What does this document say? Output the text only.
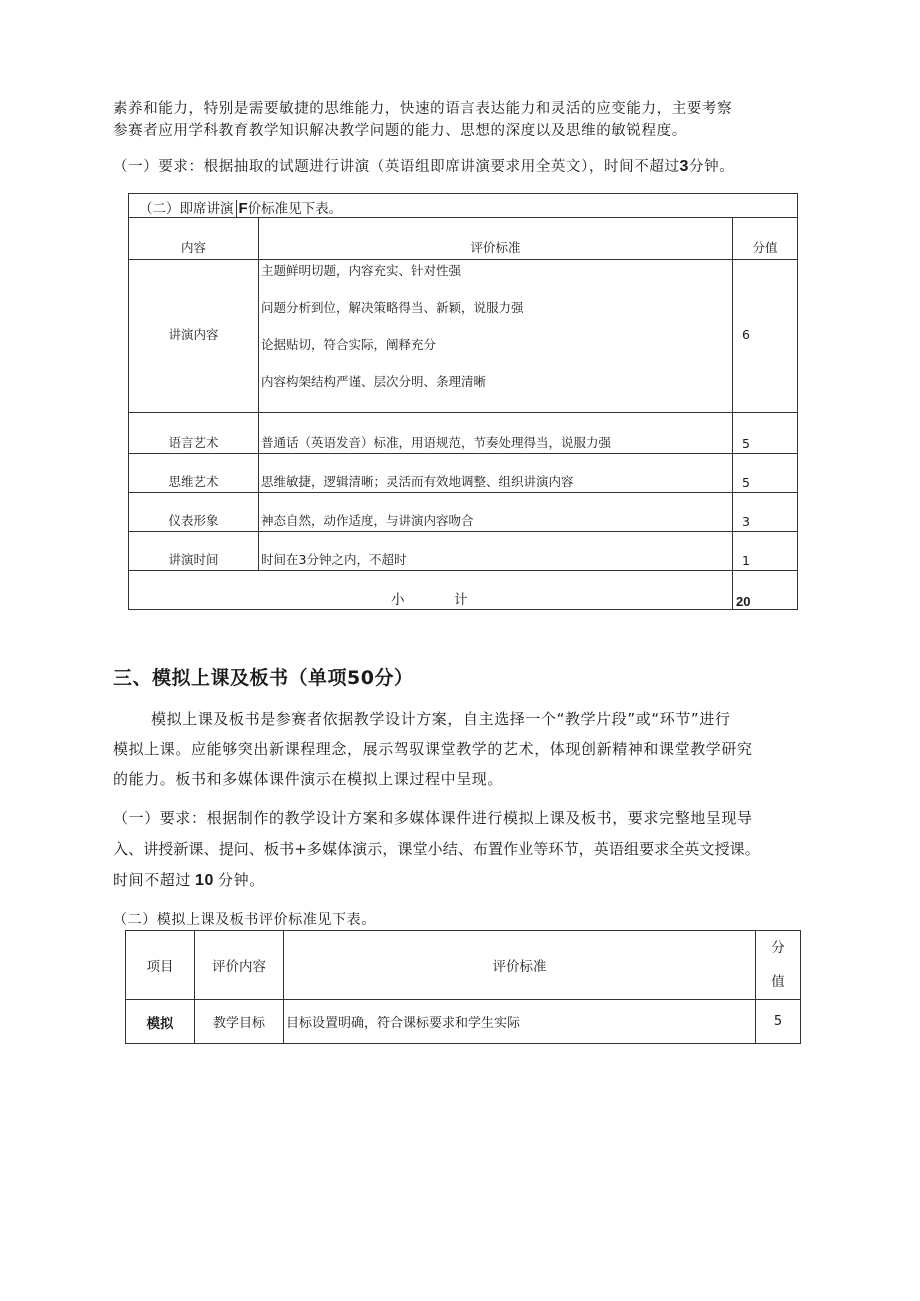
素养和能力，特别是需要敏捷的思维能力，快速的语言表达能力和灵活的应变能力，主要考察
参赛者应用学科教育教学知识解决教学问题的能力、思想的深度以及思维的敏锐程度。
（一）要求：根据抽取的试题进行讲演（英语组即席讲演要求用全英文），时间不超过3分钟。
（二）即席讲演 F价标准见下表。		
内容	评价标准	分值
讲演内容	主题鲜明切题，内容充实、针对性强
问题分析到位，解决策略得当、新颖，说服力强
论据贴切，符合实际，阐释充分
内容构架结构严谨、层次分明、条理清晰	6
语言艺术	普通话（英语发音）标准，用语规范，节奏处理得当，说服力强	5
思维艺术	思维敏捷，逻辑清晰；灵活而有效地调整、组织讲演内容	5
仪表形象	神态自然，动作适度，与讲演内容吻合	3
讲演时间	时间在3分钟之内，不超时	1

小 计		20
三、模拟上课及板书（单项50分）
模拟上课及板书是参赛者依据教学设计方案，自主选择一个“教学片段”或“环节”进行
模拟上课。应能够突出新课程理念，展示驾驭课堂教学的艺术，体现创新精神和课堂教学研究
的能力。板书和多媒体课件演示在模拟上课过程中呈现。
（一）要求：根据制作的教学设计方案和多媒体课件进行模拟上课及板书，要求完整地呈现导
入、讲授新课、提问、板书+多媒体演示，课堂小结、布置作业等环节，英语组要求全英文授课。
时间不超过 10 分钟。
（二）模拟上课及板书评价标准见下表。
项目	评价内容	评价标准	分
值

模拟	教学目标	目标设置明确，符合课标要求和学生实际	5
